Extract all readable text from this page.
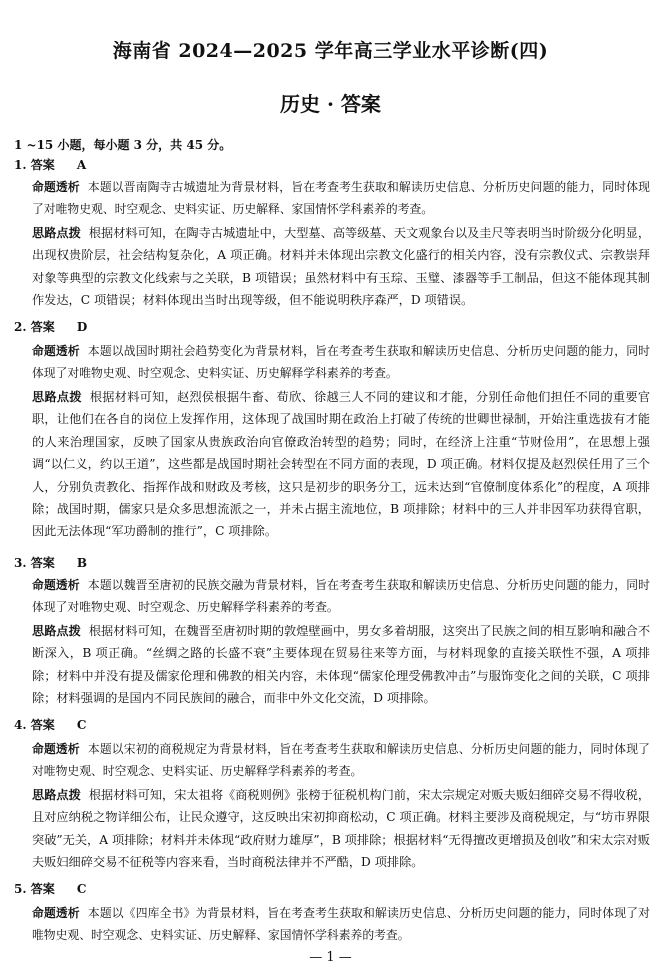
海南省 2024—2025 学年高三学业水平诊断(四)
历史 · 答案
1 ~15 小题，每小题 3 分，共 45 分。
1. 答案 A
命题透析 本题以晋南陶寺古城遗址为背景材料，旨在考查考生获取和解读历史信息、分析历史问题的能力，同时体现了对唯物史观、时空观念、史料实证、历史解释、家国情怀学科素养的考查。
思路点拨 根据材料可知，在陶寺古城遗址中，大型墓、高等级墓、天文观象台以及圭尺等表明当时阶级分化明显，出现权贵阶层，社会结构复杂化，A 项正确。材料并未体现出宗教文化盛行的相关内容，没有宗教仪式、宗教崇拜对象等典型的宗教文化线索与之关联，B 项错误；虽然材料中有玉琮、玉璧、漆器等手工制品，但这不能体现其制作发达，C 项错误；材料体现出当时出现等级，但不能说明秩序森严，D 项错误。
2. 答案 D
命题透析 本题以战国时期社会趋势变化为背景材料，旨在考查考生获取和解读历史信息、分析历史问题的能力，同时体现了对唯物史观、时空观念、史料实证、历史解释学科素养的考查。
思路点拨 根据材料可知，赵烈侯根据牛畜、荀欣、徐越三人不同的建议和才能，分别任命他们担任不同的重要官职，让他们在各自的岗位上发挥作用，这体现了战国时期在政治上打破了传统的世卿世禄制，开始注重选拔有才能的人来治理国家，反映了国家从贵族政治向官僚政治转型的趋势；同时，在经济上注重“节财俭用”，在思想上强调“以仁义，约以王道”，这些都是战国时期社会转型在不同方面的表现，D 项正确。材料仅提及赵烈侯任用了三个人，分别负责教化、指挥作战和财政及考核，这只是初步的职务分工，远未达到“官僚制度体系化”的程度，A 项排除；战国时期，儒家只是众多思想流派之一，并未占据主流地位，B 项排除；材料中的三人并非因军功获得官职，因此无法体现“军功爵制的推行”，C 项排除。
3. 答案 B
命题透析 本题以魏晋至唐初的民族交融为背景材料，旨在考查考生获取和解读历史信息、分析历史问题的能力，同时体现了对唯物史观、时空观念、历史解释学科素养的考查。
思路点拨 根据材料可知，在魏晋至唐初时期的敦煌壁画中，男女多着胡服，这突出了民族之间的相互影响和融合不断深入，B 项正确。“丝绸之路的长盛不衰”主要体现在贸易往来等方面，与材料现象的直接关联性不强，A 项排除；材料中并没有提及儒家伦理和佛教的相关内容，未体现“儒家伦理受佛教冲击”与服饰变化之间的关联，C 项排除；材料强调的是国内不同民族间的融合，而非中外文化交流，D 项排除。
4. 答案 C
命题透析 本题以宋初的商税规定为背景材料，旨在考查考生获取和解读历史信息、分析历史问题的能力，同时体现了对唯物史观、时空观念、史料实证、历史解释学科素养的考查。
思路点拨 根据材料可知，宋太祖将《商税则例》张榜于征税机构门前，宋太宗规定对贩夫贩妇细碎交易不得收税，且对应纳税之物详细公布，让民众遵守，这反映出宋初抑商松动，C 项正确。材料主要涉及商税规定，与“坊市界限突破”无关，A 项排除；材料并未体现“政府财力雄厚”，B 项排除；根据材料“无得擅改更增损及创收”和宋太宗对贩夫贩妇细碎交易不征税等内容来看，当时商税法律并不严酷，D 项排除。
5. 答案 C
命题透析 本题以《四库全书》为背景材料，旨在考查考生获取和解读历史信息、分析历史问题的能力，同时体现了对唯物史观、时空观念、史料实证、历史解释、家国情怀学科素养的考查。
— 1 —
